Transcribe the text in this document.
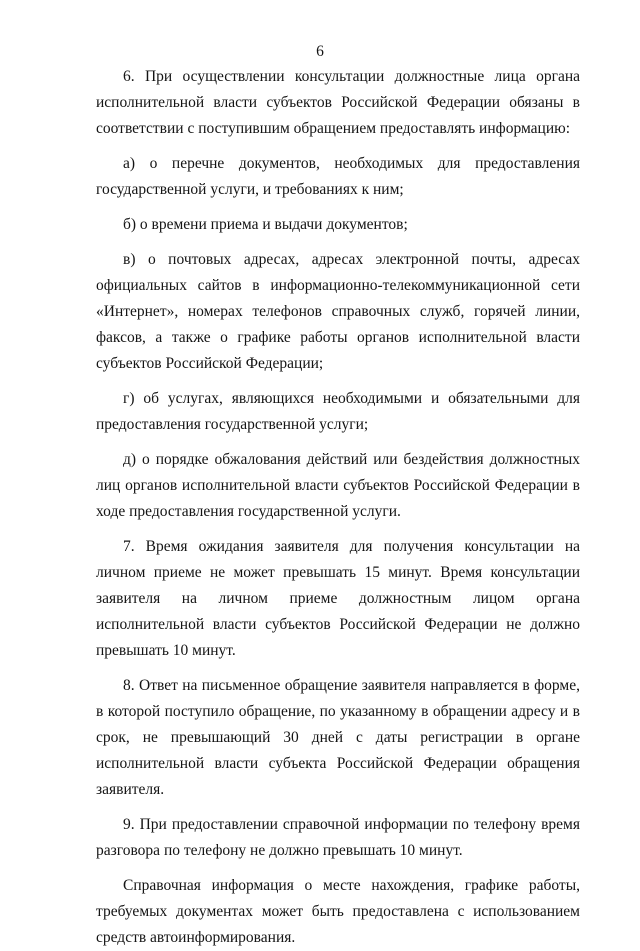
6

6. При осуществлении консультации должностные лица органа исполнительной власти субъектов Российской Федерации обязаны в соответствии с поступившим обращением предоставлять информацию:

а) о перечне документов, необходимых для предоставления государственной услуги, и требованиях к ним;

б) о времени приема и выдачи документов;

в) о почтовых адресах, адресах электронной почты, адресах официальных сайтов в информационно-телекоммуникационной сети «Интернет», номерах телефонов справочных служб, горячей линии, факсов, а также о графике работы органов исполнительной власти субъектов Российской Федерации;

г) об услугах, являющихся необходимыми и обязательными для предоставления государственной услуги;

д) о порядке обжалования действий или бездействия должностных лиц органов исполнительной власти субъектов Российской Федерации в ходе предоставления государственной услуги.

7. Время ожидания заявителя для получения консультации на личном приеме не может превышать 15 минут. Время консультации заявителя на личном приеме должностным лицом органа исполнительной власти субъектов Российской Федерации не должно превышать 10 минут.

8. Ответ на письменное обращение заявителя направляется в форме, в которой поступило обращение, по указанному в обращении адресу и в срок, не превышающий 30 дней с даты регистрации в органе исполнительной власти субъекта Российской Федерации обращения заявителя.

9. При предоставлении справочной информации по телефону время разговора по телефону не должно превышать 10 минут.

Справочная информация о месте нахождения, графике работы, требуемых документах может быть предоставлена с использованием средств автоинформирования.
